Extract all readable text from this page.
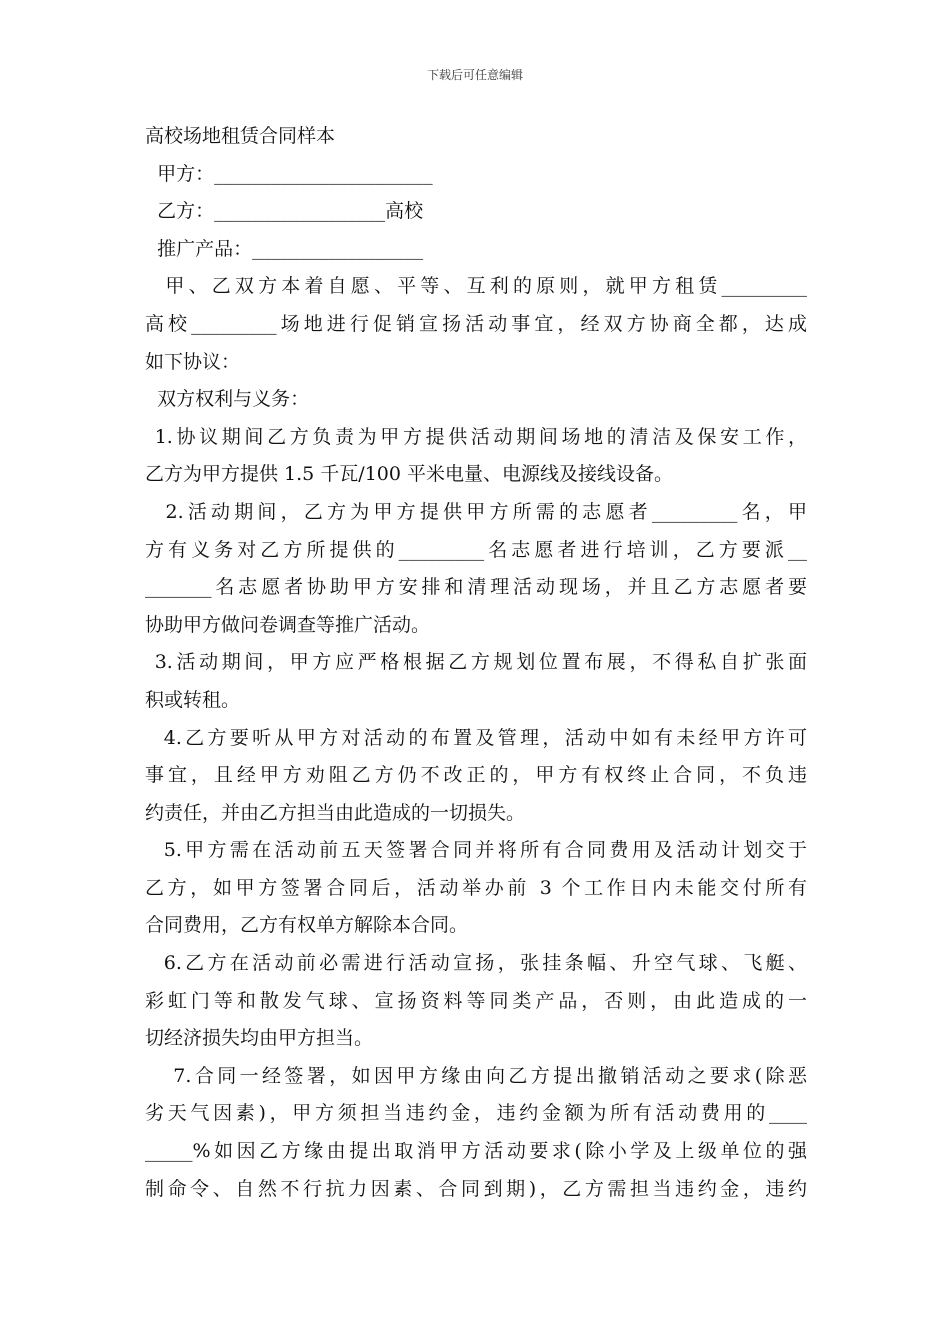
下载后可任意编辑
高校场地租赁合同样本
甲方：_______________________
乙方：__________________高校
推广产品：__________________
甲、乙双方本着自愿、平等、互利的原则，就甲方租赁_________
高校_________场地进行促销宣扬活动事宜，经双方协商全都，达成
如下协议：
双方权利与义务：
1.协议期间乙方负责为甲方提供活动期间场地的清洁及保安工作，
乙方为甲方提供 1.5 千瓦/100 平米电量、电源线及接线设备。
2.活动期间，乙方为甲方提供甲方所需的志愿者_________名，甲
方有义务对乙方所提供的_________名志愿者进行培训，乙方要派__
_______名志愿者协助甲方安排和清理活动现场，并且乙方志愿者要
协助甲方做问卷调查等推广活动。
3.活动期间，甲方应严格根据乙方规划位置布展，不得私自扩张面
积或转租。
4.乙方要听从甲方对活动的布置及管理，活动中如有未经甲方许可
事宜，且经甲方劝阻乙方仍不改正的，甲方有权终止合同，不负违
约责任，并由乙方担当由此造成的一切损失。
5.甲方需在活动前五天签署合同并将所有合同费用及活动计划交于
乙方，如甲方签署合同后，活动举办前 3 个工作日内未能交付所有
合同费用，乙方有权单方解除本合同。
6.乙方在活动前必需进行活动宣扬，张挂条幅、升空气球、飞艇、
彩虹门等和散发气球、宣扬资料等同类产品，否则，由此造成的一
切经济损失均由甲方担当。
7.合同一经签署，如因甲方缘由向乙方提出撤销活动之要求(除恶
劣天气因素)，甲方须担当违约金，违约金额为所有活动费用的____
_____%如因乙方缘由提出取消甲方活动要求(除小学及上级单位的强
制命令、自然不行抗力因素、合同到期)，乙方需担当违约金，违约
